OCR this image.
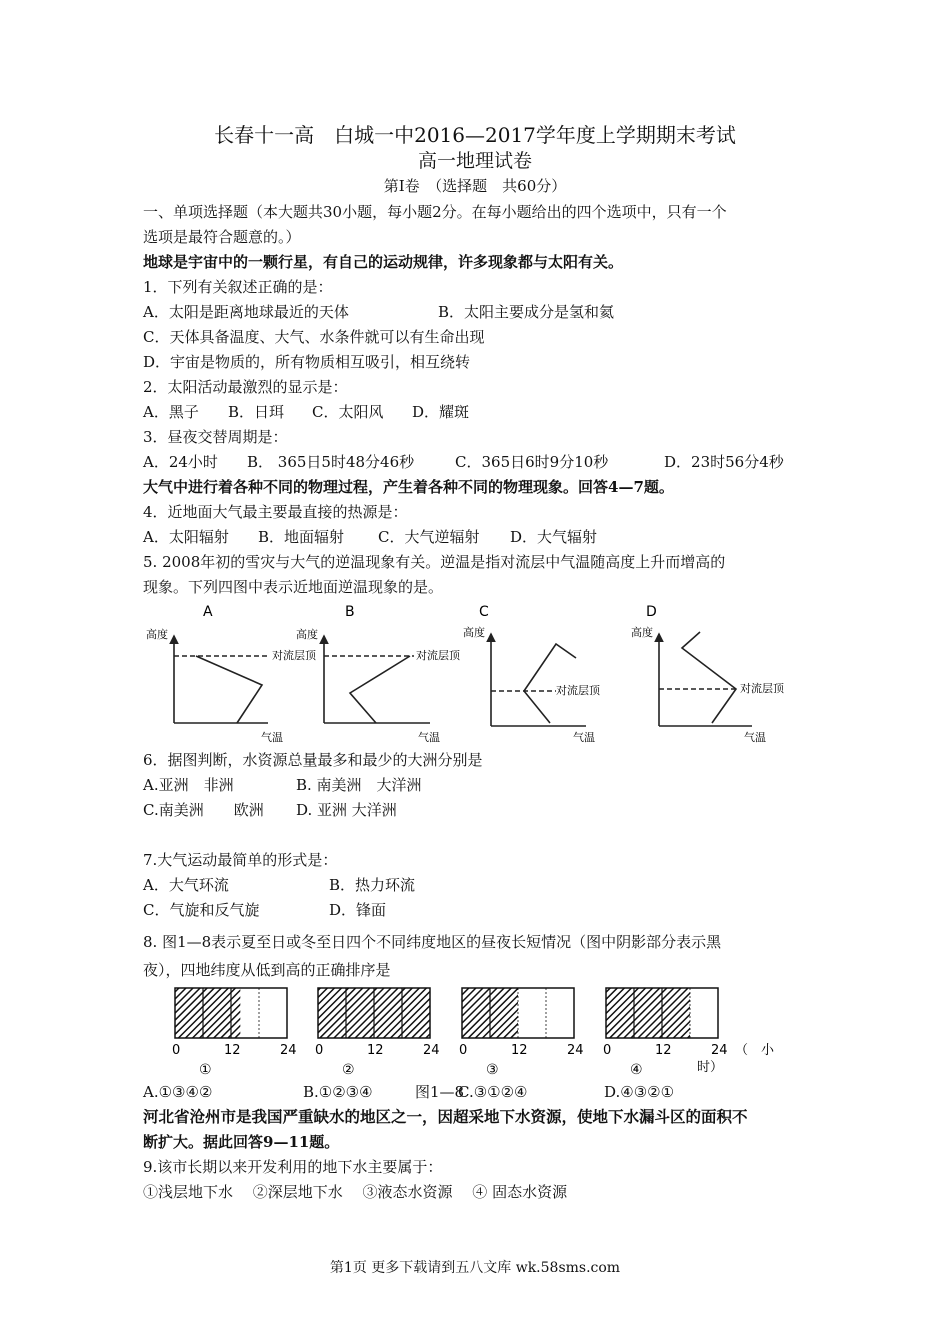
长春十一高　白城一中2016—2017学年度上学期期末考试
高一地理试卷
第Ⅰ卷　（选择题　共60分）
一、单项选择题（本大题共30小题，每小题2分。在每小题给出的四个选项中，只有一个
选项是最符合题意的。）
地球是宇宙中的一颗行星，有自己的运动规律，许多现象都与太阳有关。
1．下列有关叙述正确的是：
A．太阳是距离地球最近的天体	B．太阳主要成分是氢和氦
C．天体具备温度、大气、水条件就可以有生命出现
D．宇宙是物质的，所有物质相互吸引，相互绕转
2．太阳活动最激烈的显示是：
A．黑子 B．日珥 C．太阳风 D．耀斑
3．昼夜交替周期是：
A．24小时 B． 365日5时48分46秒	C．365日6时9分10秒	D．23时56分4秒
大气中进行着各种不同的物理过程，产生着各种不同的物理现象。回答4—7题。
4．近地面大气最主要最直接的热源是：
A．太阳辐射 B．地面辐射 C．大气逆辐射 D．大气辐射
5. 2008年初的雪灾与大气的逆温现象有关。逆温是指对流层中气温随高度上升而增高的
现象。下列四图中表示近地面逆温现象的是。
A
高度
对流层顶
气温
B
高度
对流层顶
气温
C
高度
对流层顶
气温
D
高度
对流层顶
气温
6．据图判断，水资源总量最多和最少的大洲分别是
A.亚洲　非洲	B. 南美洲　大洋洲
C.南美洲　　欧洲 D. 亚洲 大洋洲
7.大气运动最简单的形式是：
A．大气环流	B．热力环流
C．气旋和反气旋	D．锋面
8. 图1—8表示夏至日或冬至日四个不同纬度地区的昼夜长短情况（图中阴影部分表示黑
夜），四地纬度从低到高的正确排序是
0	12	24
①
0	12	24
②
0	12	24
③
0	12	24
④
（　小
时）
A.①③④②	B.①②③④	图1—8
C.③①②④	D.④③②①
河北省沧州市是我国严重缺水的地区之一，因超采地下水资源，使地下水漏斗区的面积不
断扩大。据此回答9—11题。
9.该市长期以来开发利用的地下水主要属于：
①浅层地下水　 ②深层地下水　 ③液态水资源　 ④ 固态水资源
第1页 更多下载请到五八文库 wk.58sms.com
